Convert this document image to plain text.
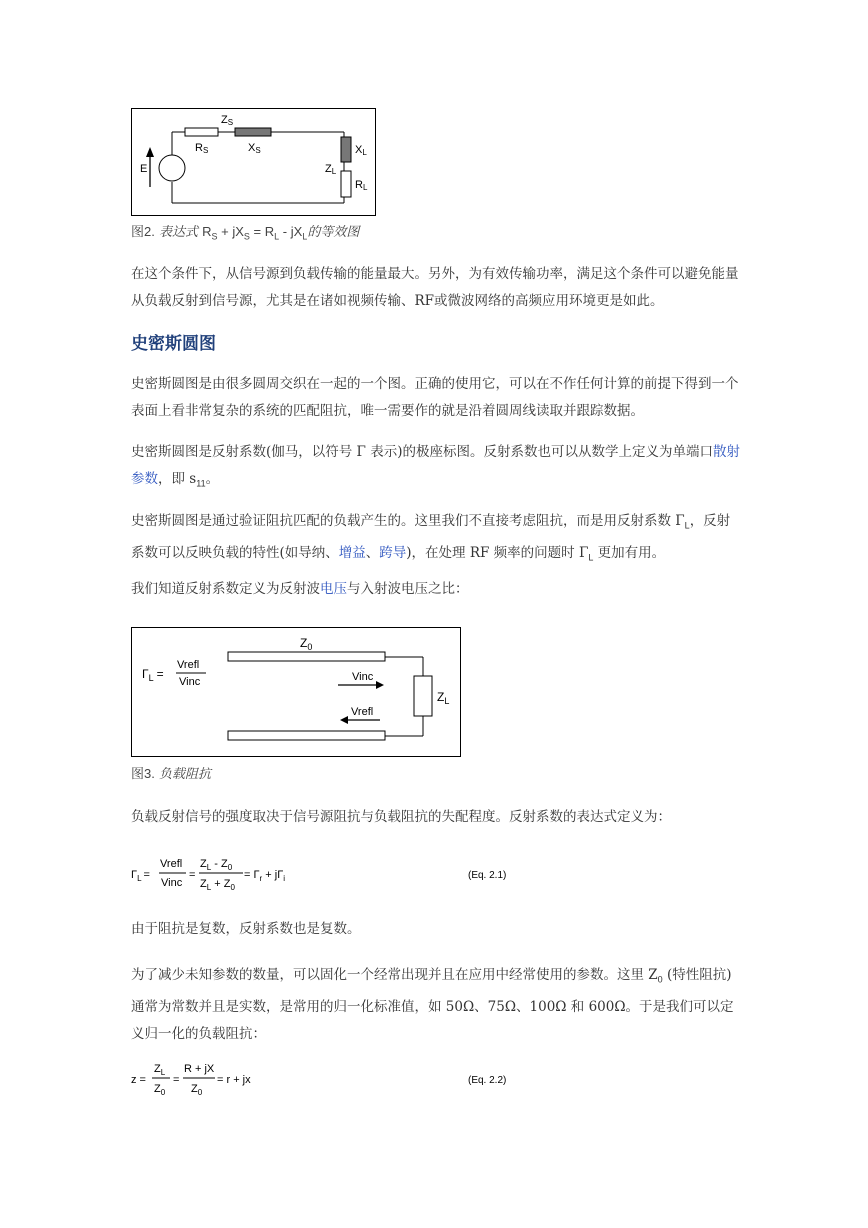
ZS
RS	XS
E	ZL
XL
RL
图2. 表达式 $R_S + jX_S = R_L - jX_L$的等效图
在这个条件下，从信号源到负载传输的能量最大。另外，为有效传输功率，满足这个条件可以避免能量从负载反射到信号源，尤其是在诸如视频传输、RF或微波网络的高频应用环境更是如此。
史密斯圆图
史密斯圆图是由很多圆周交织在一起的一个图。正确的使用它，可以在不作任何计算的前提下得到一个表面上看非常复杂的系统的匹配阻抗，唯一需要作的就是沿着圆周线读取并跟踪数据。
史密斯圆图是反射系数(伽马，以符号 Γ 表示)的极座标图。反射系数也可以从数学上定义为单端口散射参数，即 $s_{11}$。
史密斯圆图是通过验证阻抗匹配的负载产生的。这里我们不直接考虑阻抗，而是用反射系数 $\Gamma_L$，反射系数可以反映负载的特性(如导纳、增益、跨导)，在处理 RF 频率的问题时 $\Gamma_L$ 更加有用。
我们知道反射系数定义为反射波电压与入射波电压之比：
$\Gamma_L$ =
Vrefl
Vinc
$Z_0$
$Z_L$
Vinc
Vrefl
图3. 负载阻抗
负载反射信号的强度取决于信号源阻抗与负载阻抗的失配程度。反射系数的表达式定义为：
$\Gamma_L$ =
Vrefl
Vinc
=
$Z_L - Z_0$
$Z_L + Z_0$
= $\Gamma_r + j\Gamma_i$	(Eq. 2.1)
由于阻抗是复数，反射系数也是复数。
为了减少未知参数的数量，可以固化一个经常出现并且在应用中经常使用的参数。这里 $Z_0$ (特性阻抗)通常为常数并且是实数，是常用的归一化标准值，如 50Ω、75Ω、100Ω 和 600Ω。于是我们可以定义归一化的负载阻抗：
z =
$Z_L$
$Z_0$
=
R + jX
$Z_0$
= r + jx	(Eq. 2.2)
